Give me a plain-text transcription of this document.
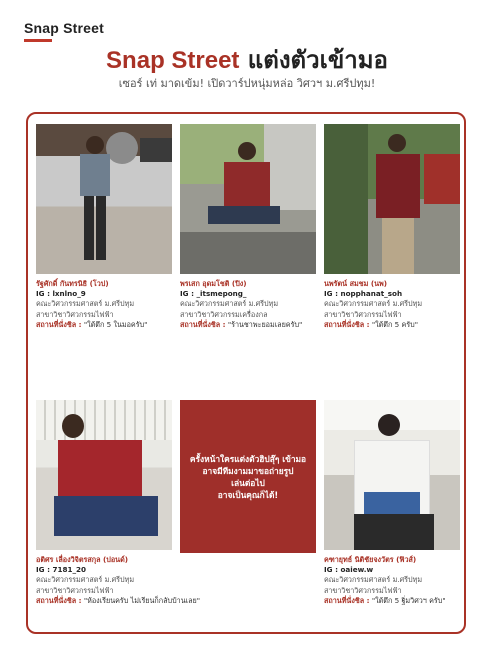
Snap Street
Snap Street แต่งตัวเข้ามอ
เซอร์ เท่ มาดเข้ม! เปิดวาร์ปหนุ่มหล่อ วิศวฯ ม.ศรีปทุม!
รัฐศักดิ์ กันทรนิธิ (โวป)
IG : lxnlno_9
คณะวิศวกรรมศาสตร์ ม.ศรีปทุม
สาขาวิชาวิศวกรรมไฟฟ้า
สถานที่นั่งชิล : "ใต้ตึก 5 ในมอครับ"
พรเสก อุดมโชติ (ปิง)
IG : _itsmepong_
คณะวิศวกรรมศาสตร์ ม.ศรีปทุม
สาขาวิชาวิศวกรรมเครื่องกล
สถานที่นั่งชิล : "ร้านชาพะยอมเลยครับ"
นพรัตน์ สมชม (นพ)
IG : nopphanat_soh
คณะวิศวกรรมศาสตร์ ม.ศรีปทุม
สาขาวิชาวิศวกรรมไฟฟ้า
สถานที่นั่งชิล : "ใต้ตึก 5 ครับ"
อติศร เลื่องวิจิตรสกุล (ปอนด์)
IG : 7181_20
คณะวิศวกรรมศาสตร์ ม.ศรีปทุม
สาขาวิชาวิศวกรรมไฟฟ้า
สถานที่นั่งชิล : "ห้องเรียนครับ ไม่เรียนก็กลับบ้านเลย"
ครั้งหน้าใครแต่งตัวฮิปสุ๊ๆ เข้ามอ
อาจมีทีมงามมาขอถ่ายรูป
เล่นต่อไป
อาจเป็นคุณก็ได้!
คฑายุทธ์ นิติชัยจงวัตร (ฟิวส์)
IG : oaiew.w
คณะวิศวกรรมศาสตร์ ม.ศรีปทุม
สาขาวิชาวิศวกรรมไฟฟ้า
สถานที่นั่งชิล : "ใต้ตึก 5 ฐิ่มวิศวฯ ครับ"
